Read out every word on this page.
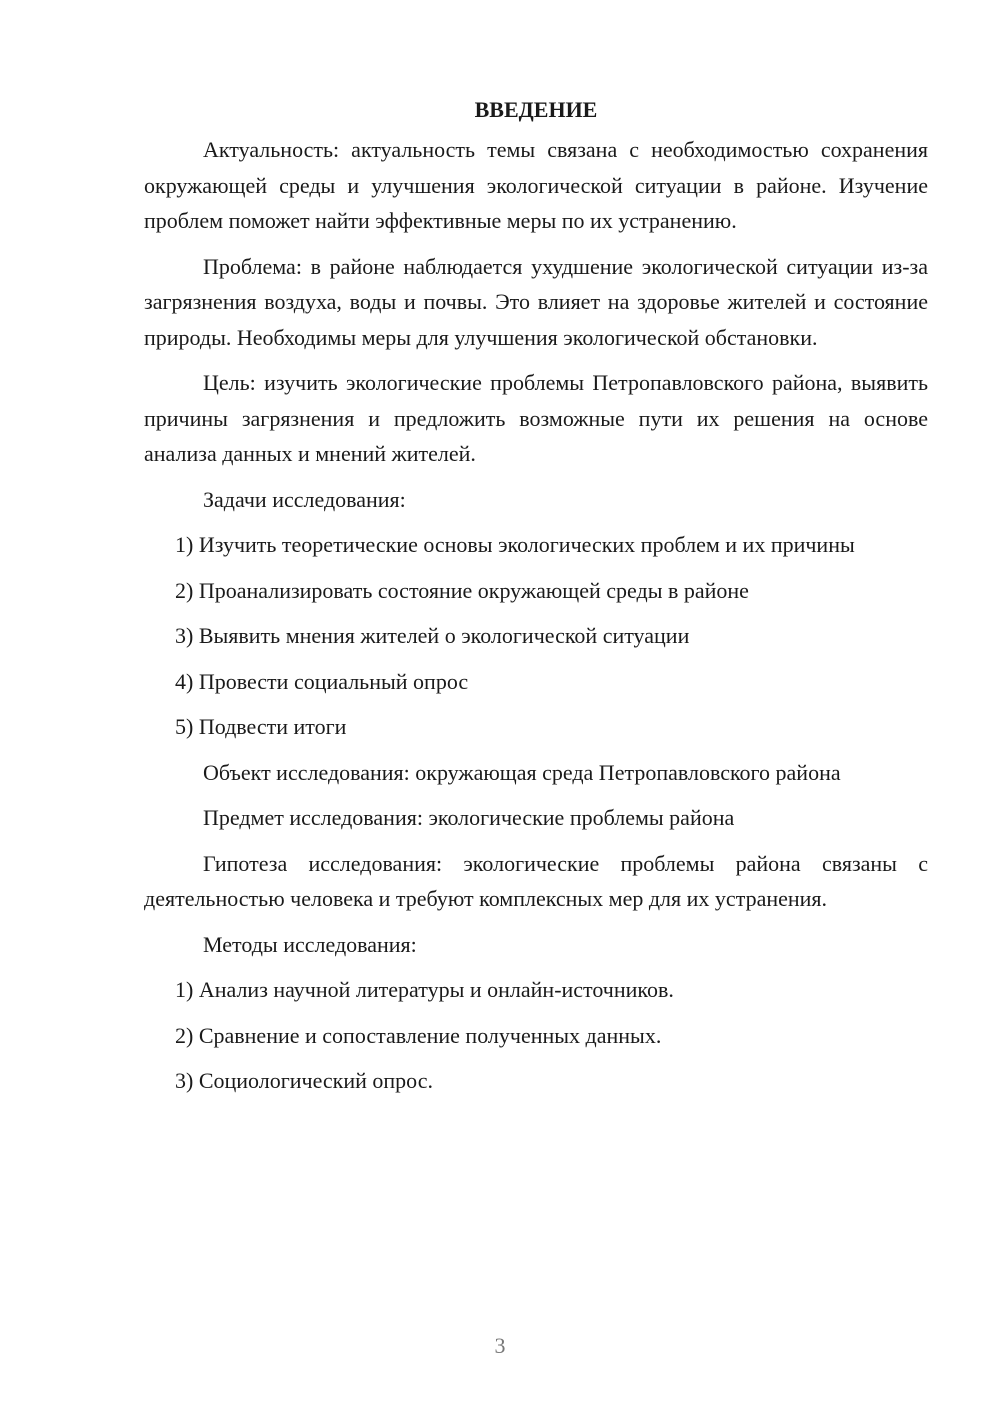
ВВЕДЕНИЕ

Актуальность: актуальность темы связана с необходимостью сохранения окружающей среды и улучшения экологической ситуации в районе. Изучение проблем поможет найти эффективные меры по их устранению.

Проблема: в районе наблюдается ухудшение экологической ситуации из-за загрязнения воздуха, воды и почвы. Это влияет на здоровье жителей и состояние природы. Необходимы меры для улучшения экологической обстановки.

Цель: изучить экологические проблемы Петропавловского района, выявить причины загрязнения и предложить возможные пути их решения на основе анализа данных и мнений жителей.

Задачи исследования:

1) Изучить теоретические основы экологических проблем и их причины

2) Проанализировать состояние окружающей среды в районе

3) Выявить мнения жителей о экологической ситуации

4) Провести социальный опрос

5) Подвести итоги

Объект исследования: окружающая среда Петропавловского района

Предмет исследования: экологические проблемы района

Гипотеза исследования: экологические проблемы района связаны с деятельностью человека и требуют комплексных мер для их устранения.

Методы исследования:

1) Анализ научной литературы и онлайн-источников.

2) Сравнение и сопоставление полученных данных.

3) Социологический опрос.

3
